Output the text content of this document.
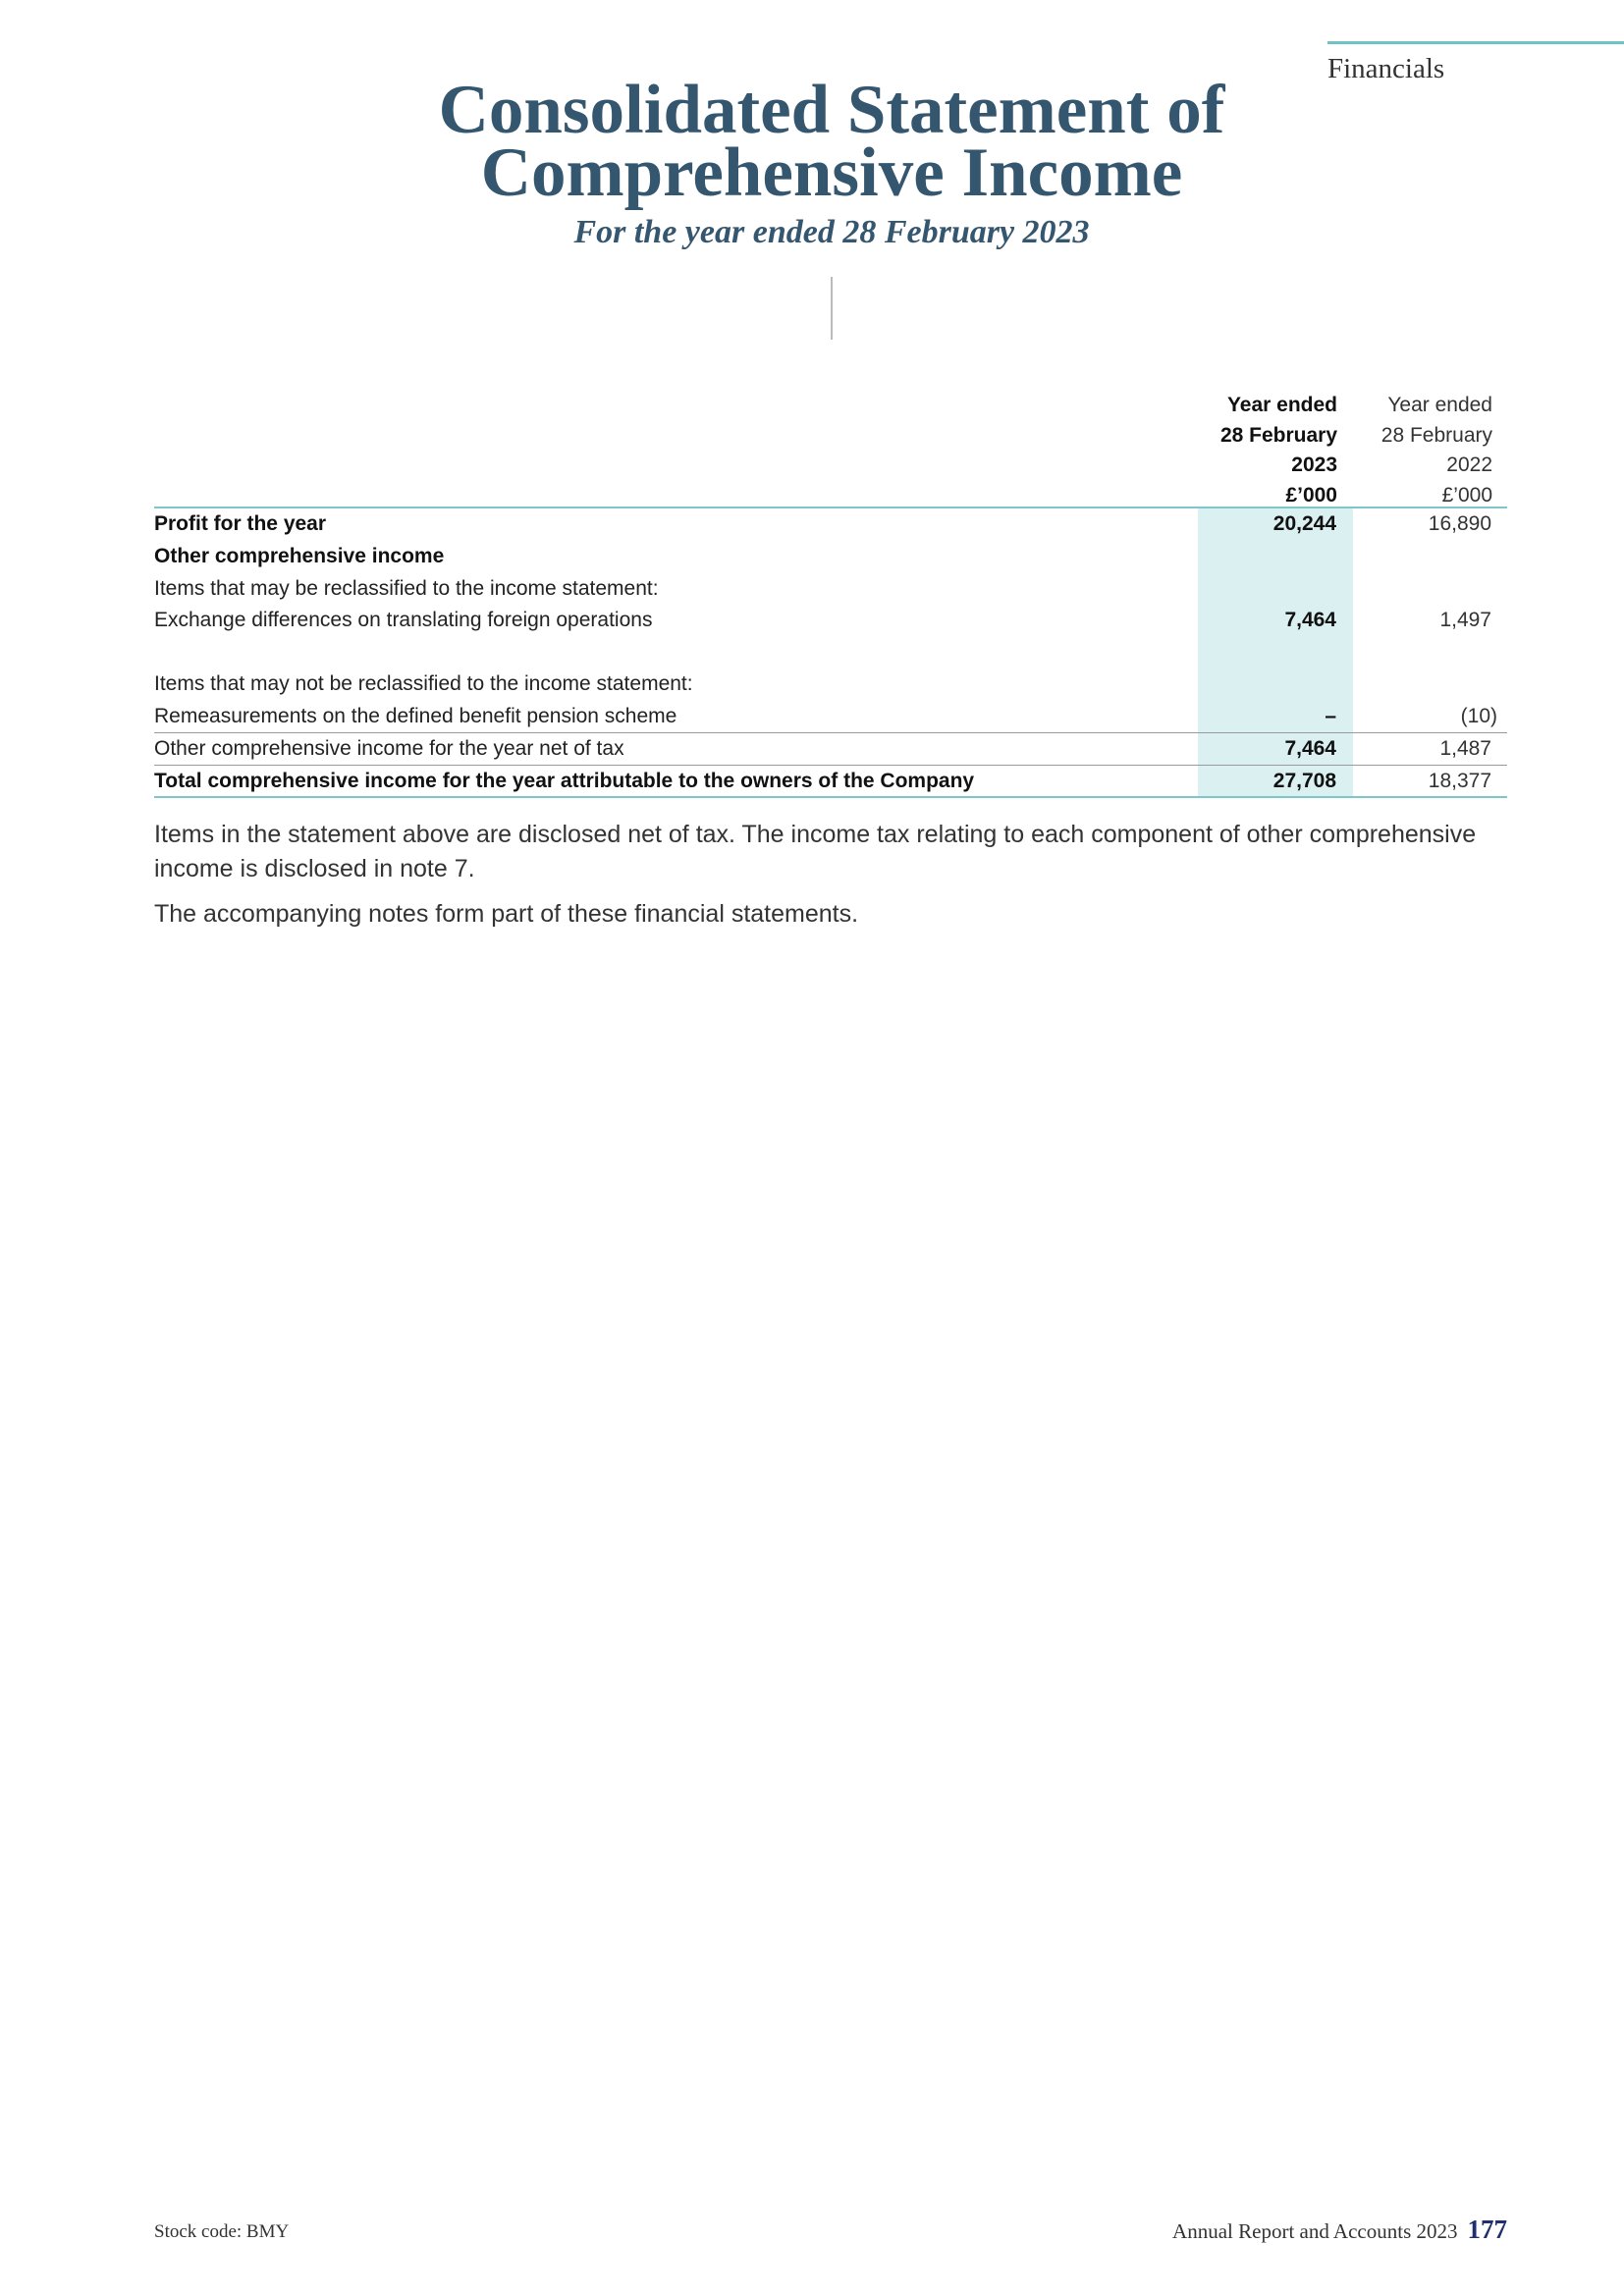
Financials
Consolidated Statement of
Comprehensive Income
For the year ended 28 February 2023
Year ended
28 February
2023
£’000
Year ended
28 February
2022
£’000
Profit for the year	20,244	16,890
Other comprehensive income
Items that may be reclassified to the income statement:
Exchange differences on translating foreign operations	7,464	1,497
Items that may not be reclassified to the income statement:
Remeasurements on the defined benefit pension scheme	–	(10)
Other comprehensive income for the year net of tax	7,464	1,487
Total comprehensive income for the year attributable to the owners of the Company	27,708	18,377
Items in the statement above are disclosed net of tax. The income tax relating to each component of other comprehensive income is disclosed in note 7.
The accompanying notes form part of these financial statements.
Stock code: BMY	Annual Report and Accounts 2023 177
